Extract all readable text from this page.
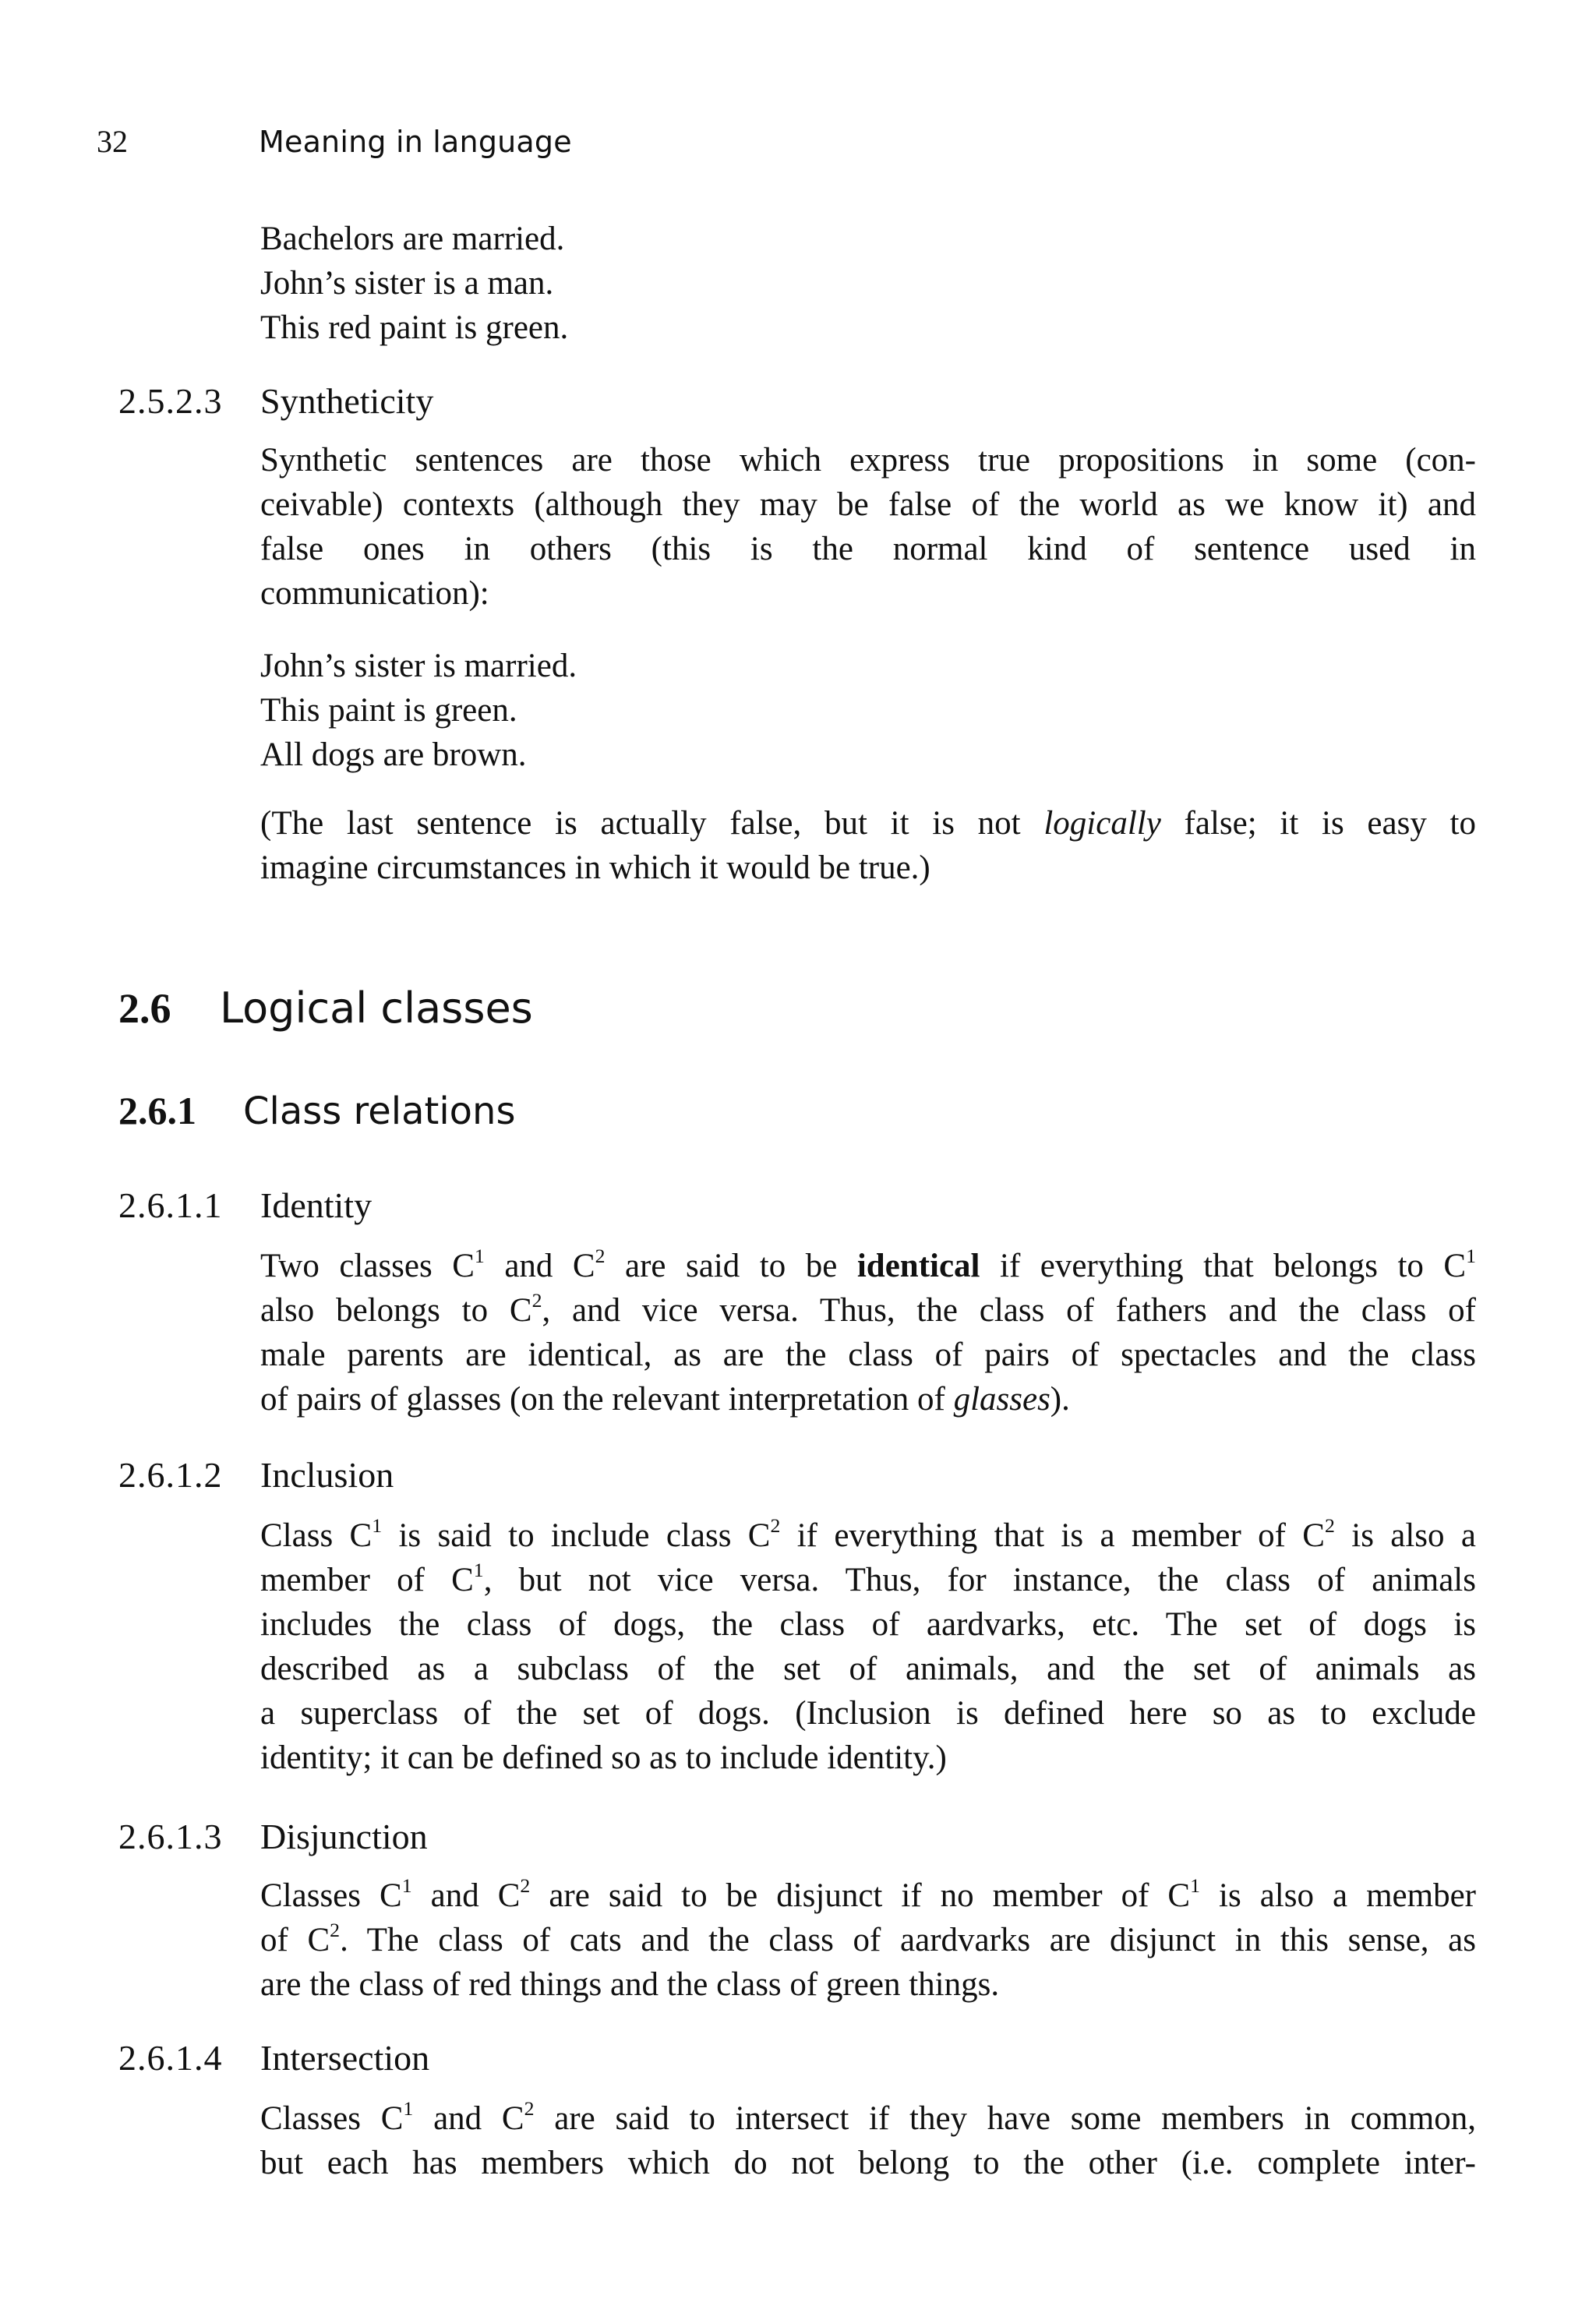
32	Meaning in language
Bachelors are married.
John’s sister is a man.
This red paint is green.
2.5.2.3	Syntheticity
Synthetic sentences are those which express true propositions in some (con-
ceivable) contexts (although they may be false of the world as we know it) and
false ones in others (this is the normal kind of sentence used in
communication):
John’s sister is married.
This paint is green.
All dogs are brown.
(The last sentence is actually false, but it is not logically false; it is easy to
imagine circumstances in which it would be true.)
2.6	Logical classes
2.6.1	Class relations
2.6.1.1	Identity
Two classes $C^1$ and $C^2$ are said to be identical if everything that belongs to $C^1$
also belongs to $C^2$, and vice versa. Thus, the class of fathers and the class of
male parents are identical, as are the class of pairs of spectacles and the class
of pairs of glasses (on the relevant interpretation of glasses).
2.6.1.2	Inclusion
Class $C^1$ is said to include class $C^2$ if everything that is a member of $C^2$ is also a
member of $C^1$, but not vice versa. Thus, for instance, the class of animals
includes the class of dogs, the class of aardvarks, etc. The set of dogs is
described as a subclass of the set of animals, and the set of animals as
a superclass of the set of dogs. (Inclusion is defined here so as to exclude
identity; it can be defined so as to include identity.)
2.6.1.3	Disjunction
Classes $C^1$ and $C^2$ are said to be disjunct if no member of $C^1$ is also a member
of $C^2$. The class of cats and the class of aardvarks are disjunct in this sense, as
are the class of red things and the class of green things.
2.6.1.4	Intersection
Classes $C^1$ and $C^2$ are said to intersect if they have some members in common,
but each has members which do not belong to the other (i.e. complete inter-
